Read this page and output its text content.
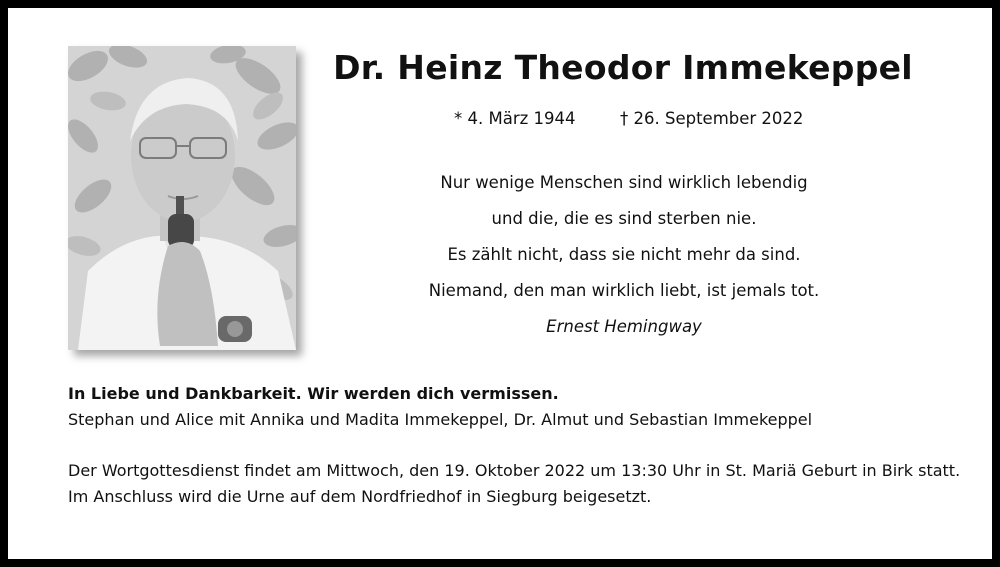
Dr. Heinz Theodor Immekeppel
* 4. März 1944	† 26. September 2022
Nur wenige Menschen sind wirklich lebendig
und die, die es sind sterben nie.
Es zählt nicht, dass sie nicht mehr da sind.
Niemand, den man wirklich liebt, ist jemals tot.
Ernest Hemingway
In Liebe und Dankbarkeit. Wir werden dich vermissen.
Stephan und Alice mit Annika und Madita Immekeppel, Dr. Almut und Sebastian Immekeppel
Der Wortgottesdienst findet am Mittwoch, den 19. Oktober 2022 um 13:30 Uhr in St. Mariä Geburt in Birk statt.
Im Anschluss wird die Urne auf dem Nordfriedhof in Siegburg beigesetzt.
